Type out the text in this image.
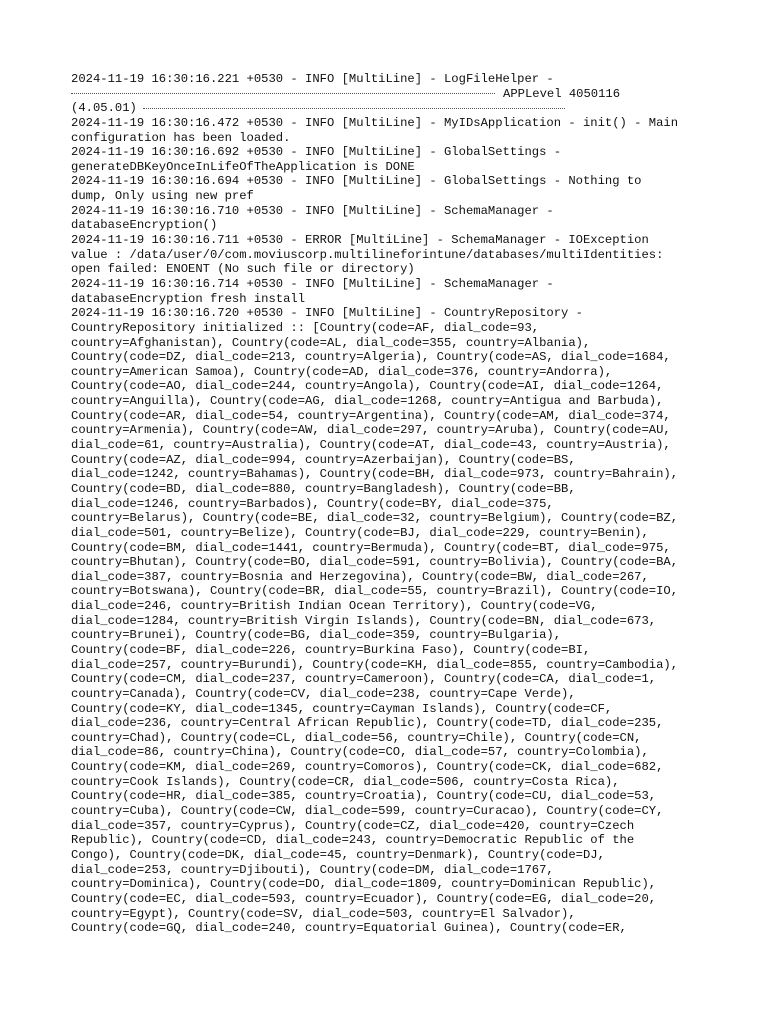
2024-11-19 16:30:16.221 +0530 - INFO [MultiLine] - LogFileHelper -
APPLevel 4050116
(4.05.01)
2024-11-19 16:30:16.472 +0530 - INFO [MultiLine] - MyIDsApplication - init() - Main
configuration has been loaded.
2024-11-19 16:30:16.692 +0530 - INFO [MultiLine] - GlobalSettings -
generateDBKeyOnceInLifeOfTheApplication is DONE
2024-11-19 16:30:16.694 +0530 - INFO [MultiLine] - GlobalSettings - Nothing to
dump, Only using new pref
2024-11-19 16:30:16.710 +0530 - INFO [MultiLine] - SchemaManager -
databaseEncryption()
2024-11-19 16:30:16.711 +0530 - ERROR [MultiLine] - SchemaManager - IOException
value : /data/user/0/com.moviuscorp.multilineforintune/databases/multiIdentities:
open failed: ENOENT (No such file or directory)
2024-11-19 16:30:16.714 +0530 - INFO [MultiLine] - SchemaManager -
databaseEncryption fresh install
2024-11-19 16:30:16.720 +0530 - INFO [MultiLine] - CountryRepository -
CountryRepository initialized :: [Country(code=AF, dial_code=93,
country=Afghanistan), Country(code=AL, dial_code=355, country=Albania),
Country(code=DZ, dial_code=213, country=Algeria), Country(code=AS, dial_code=1684,
country=American Samoa), Country(code=AD, dial_code=376, country=Andorra),
Country(code=AO, dial_code=244, country=Angola), Country(code=AI, dial_code=1264,
country=Anguilla), Country(code=AG, dial_code=1268, country=Antigua and Barbuda),
Country(code=AR, dial_code=54, country=Argentina), Country(code=AM, dial_code=374,
country=Armenia), Country(code=AW, dial_code=297, country=Aruba), Country(code=AU,
dial_code=61, country=Australia), Country(code=AT, dial_code=43, country=Austria),
Country(code=AZ, dial_code=994, country=Azerbaijan), Country(code=BS,
dial_code=1242, country=Bahamas), Country(code=BH, dial_code=973, country=Bahrain),
Country(code=BD, dial_code=880, country=Bangladesh), Country(code=BB,
dial_code=1246, country=Barbados), Country(code=BY, dial_code=375,
country=Belarus), Country(code=BE, dial_code=32, country=Belgium), Country(code=BZ,
dial_code=501, country=Belize), Country(code=BJ, dial_code=229, country=Benin),
Country(code=BM, dial_code=1441, country=Bermuda), Country(code=BT, dial_code=975,
country=Bhutan), Country(code=BO, dial_code=591, country=Bolivia), Country(code=BA,
dial_code=387, country=Bosnia and Herzegovina), Country(code=BW, dial_code=267,
country=Botswana), Country(code=BR, dial_code=55, country=Brazil), Country(code=IO,
dial_code=246, country=British Indian Ocean Territory), Country(code=VG,
dial_code=1284, country=British Virgin Islands), Country(code=BN, dial_code=673,
country=Brunei), Country(code=BG, dial_code=359, country=Bulgaria),
Country(code=BF, dial_code=226, country=Burkina Faso), Country(code=BI,
dial_code=257, country=Burundi), Country(code=KH, dial_code=855, country=Cambodia),
Country(code=CM, dial_code=237, country=Cameroon), Country(code=CA, dial_code=1,
country=Canada), Country(code=CV, dial_code=238, country=Cape Verde),
Country(code=KY, dial_code=1345, country=Cayman Islands), Country(code=CF,
dial_code=236, country=Central African Republic), Country(code=TD, dial_code=235,
country=Chad), Country(code=CL, dial_code=56, country=Chile), Country(code=CN,
dial_code=86, country=China), Country(code=CO, dial_code=57, country=Colombia),
Country(code=KM, dial_code=269, country=Comoros), Country(code=CK, dial_code=682,
country=Cook Islands), Country(code=CR, dial_code=506, country=Costa Rica),
Country(code=HR, dial_code=385, country=Croatia), Country(code=CU, dial_code=53,
country=Cuba), Country(code=CW, dial_code=599, country=Curacao), Country(code=CY,
dial_code=357, country=Cyprus), Country(code=CZ, dial_code=420, country=Czech
Republic), Country(code=CD, dial_code=243, country=Democratic Republic of the
Congo), Country(code=DK, dial_code=45, country=Denmark), Country(code=DJ,
dial_code=253, country=Djibouti), Country(code=DM, dial_code=1767,
country=Dominica), Country(code=DO, dial_code=1809, country=Dominican Republic),
Country(code=EC, dial_code=593, country=Ecuador), Country(code=EG, dial_code=20,
country=Egypt), Country(code=SV, dial_code=503, country=El Salvador),
Country(code=GQ, dial_code=240, country=Equatorial Guinea), Country(code=ER,
